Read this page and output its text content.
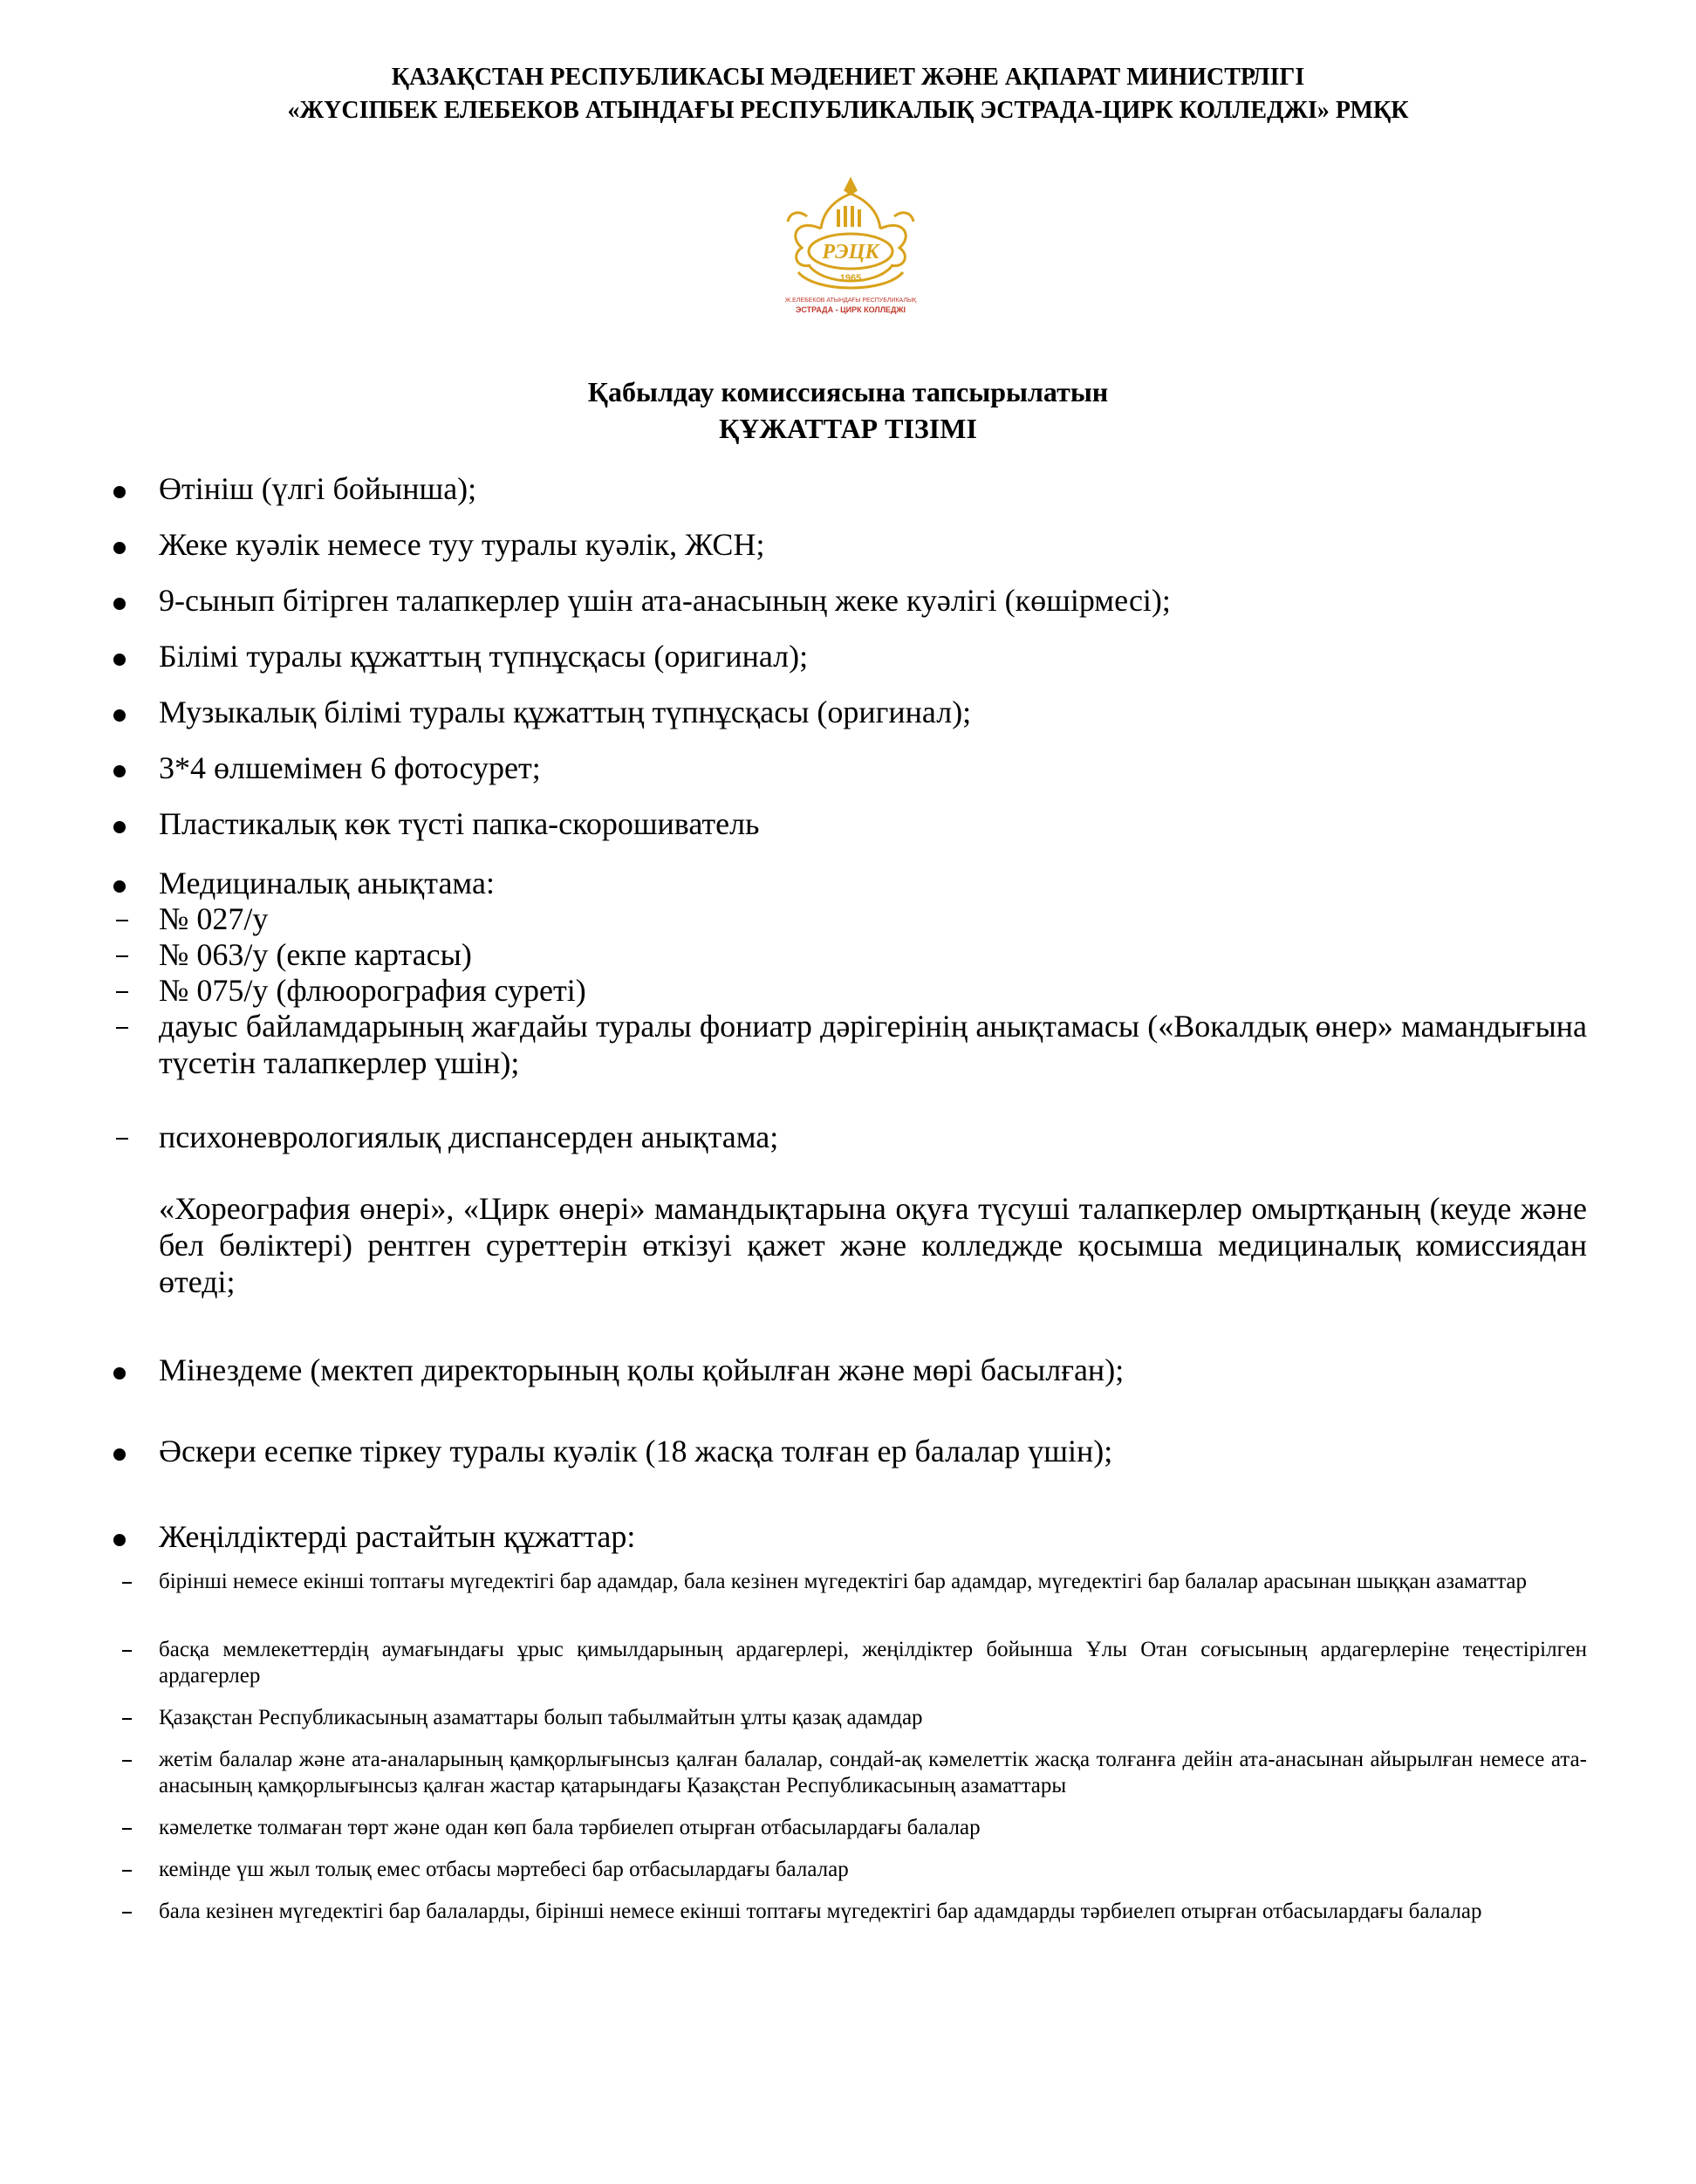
ҚАЗАҚСТАН РЕСПУБЛИКАСЫ МӘДЕНИЕТ ЖӘНЕ АҚПАРАТ МИНИСТРЛІГІ
«ЖҮСІПБЕК ЕЛЕБЕКОВ АТЫНДАҒЫ РЕСПУБЛИКАЛЫҚ ЭСТРАДА-ЦИРК КОЛЛЕДЖІ» РМҚК
РЭЦК
1965
Ж.ЕЛЕБЕКОВ АТЫНДАҒЫ РЕСПУБЛИКАЛЫҚ
ЭСТРАДА - ЦИРК КОЛЛЕДЖІ
Қабылдау комиссиясына тапсырылатын
ҚҰЖАТТАР ТІЗІМІ
Өтініш (үлгі бойынша);
Жеке куәлік немесе туу туралы куәлік, ЖСН;
9-сынып бітірген талапкерлер үшін ата-анасының жеке куәлігі (көшірмесі);
Білімі туралы құжаттың түпнұсқасы (оригинал);
Музыкалық білімі туралы құжаттың түпнұсқасы (оригинал);
3*4 өлшемімен 6 фотосурет;
Пластикалық көк түсті папка-скорошиватель
Медициналық анықтама:
№ 027/у
№ 063/у (екпе картасы)
№ 075/у (флюорография суреті)
дауыс байламдарының жағдайы туралы фониатр дәрігерінің анықтамасы («Вокалдық өнер» мамандығына түсетін талапкерлер үшін);
психоневрологиялық диспансерден анықтама;
«Хореография өнері», «Цирк өнері» мамандықтарына оқуға түсуші талапкерлер омыртқаның (кеуде және бел бөліктері) рентген суреттерін өткізуі қажет және колледжде қосымша медициналық комиссиядан өтеді;
Мінездеме (мектеп директорының қолы қойылған және мөрі басылған);
Әскери есепке тіркеу туралы куәлік (18 жасқа толған ер балалар үшін);
Жеңілдіктерді растайтын құжаттар:
бірінші немесе екінші топтағы мүгедектігі бар адамдар, бала кезінен мүгедектігі бар адамдар, мүгедектігі бар балалар арасынан шыққан азаматтар
басқа мемлекеттердің аумағындағы ұрыс қимылдарының ардагерлері, жеңілдіктер бойынша Ұлы Отан соғысының ардагерлеріне теңестірілген ардагерлер
Қазақстан Республикасының азаматтары болып табылмайтын ұлты қазақ адамдар
жетім балалар және ата-аналарының қамқорлығынсыз қалған балалар, сондай-ақ кәмелеттік жасқа толғанға дейін ата-анасынан айырылған немесе ата-анасының қамқорлығынсыз қалған жастар қатарындағы Қазақстан Республикасының азаматтары
кәмелетке толмаған төрт және одан көп бала тәрбиелеп отырған отбасылардағы балалар
кемінде үш жыл толық емес отбасы мәртебесі бар отбасылардағы балалар
бала кезінен мүгедектігі бар балаларды, бірінші немесе екінші топтағы мүгедектігі бар адамдарды тәрбиелеп отырған отбасылардағы балалар
